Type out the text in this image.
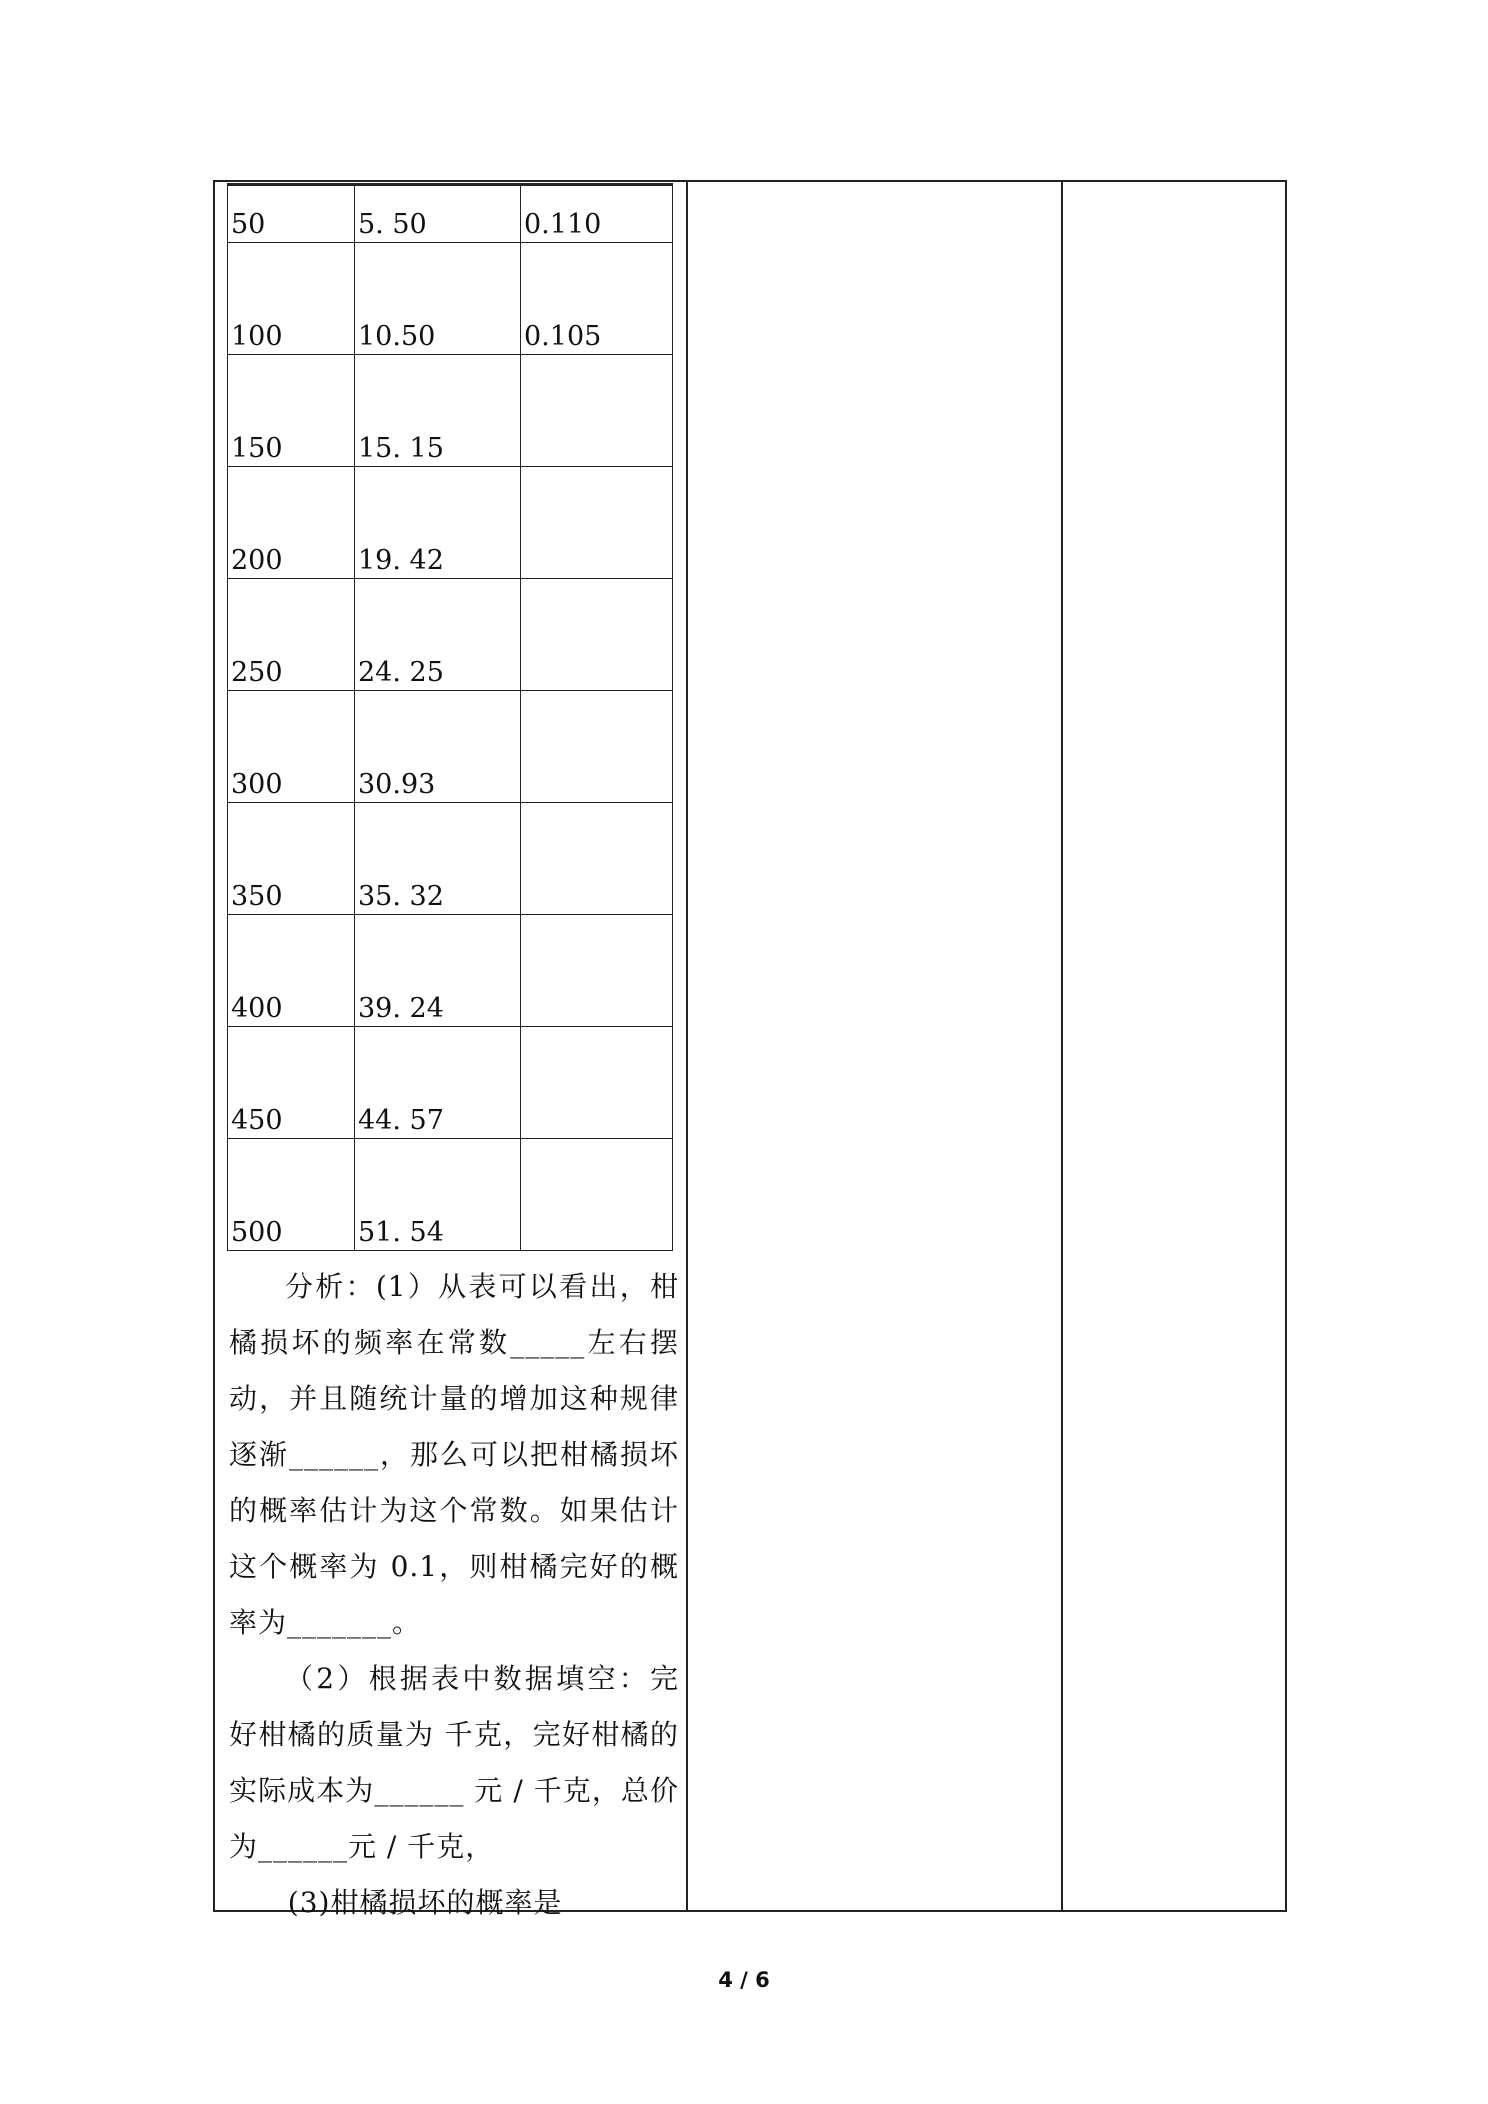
50	5. 50	0.110
100	10.50	0.105
150	15. 15	
200	19. 42	
250	24. 25	
300	30.93	
350	35. 32	
400	39. 24	
450	44. 57	
500	51. 54	

分析：(1）从表可以看出，柑橘损坏的频率在常数_____左右摆动，并且随统计量的增加这种规律逐渐______，那么可以把柑橘损坏的概率估计为这个常数。如果估计这个概率为 0.1，则柑橘完好的概率为_______。

（2）根据表中数据填空：完好柑橘的质量为 千克，完好柑橘的实际成本为______ 元 / 千克，总价为______元 / 千克，

(3)柑橘损坏的概率是

4 / 6
